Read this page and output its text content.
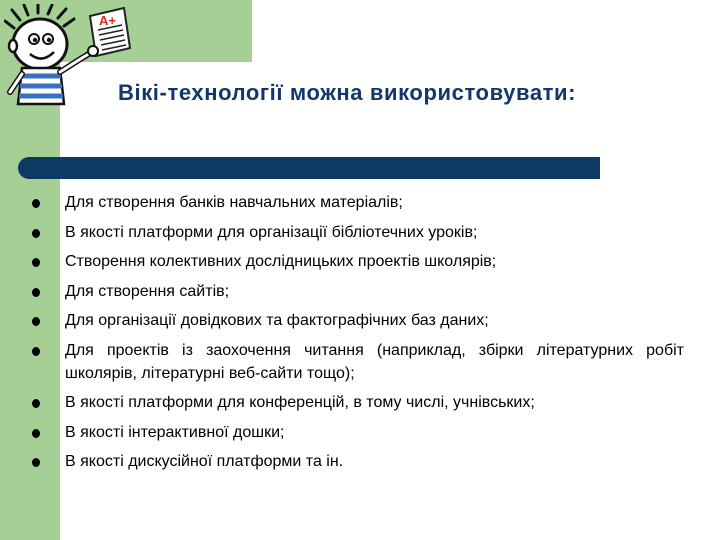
A+
Вікі-технології можна використовувати:
Для створення банків навчальних матеріалів;
В якості платформи для організації бібліотечних уроків;
Створення колективних дослідницьких проектів школярів;
Для створення сайтів;
Для організації довідкових та фактографічних баз даних;
Для проектів із заохочення читання (наприклад, збірки літературних робіт школярів, літературні веб-сайти тощо);
В якості платформи для конференцій, в тому числі, учнівських;
В якості інтерактивної дошки;
В якості дискусійної платформи та ін.
